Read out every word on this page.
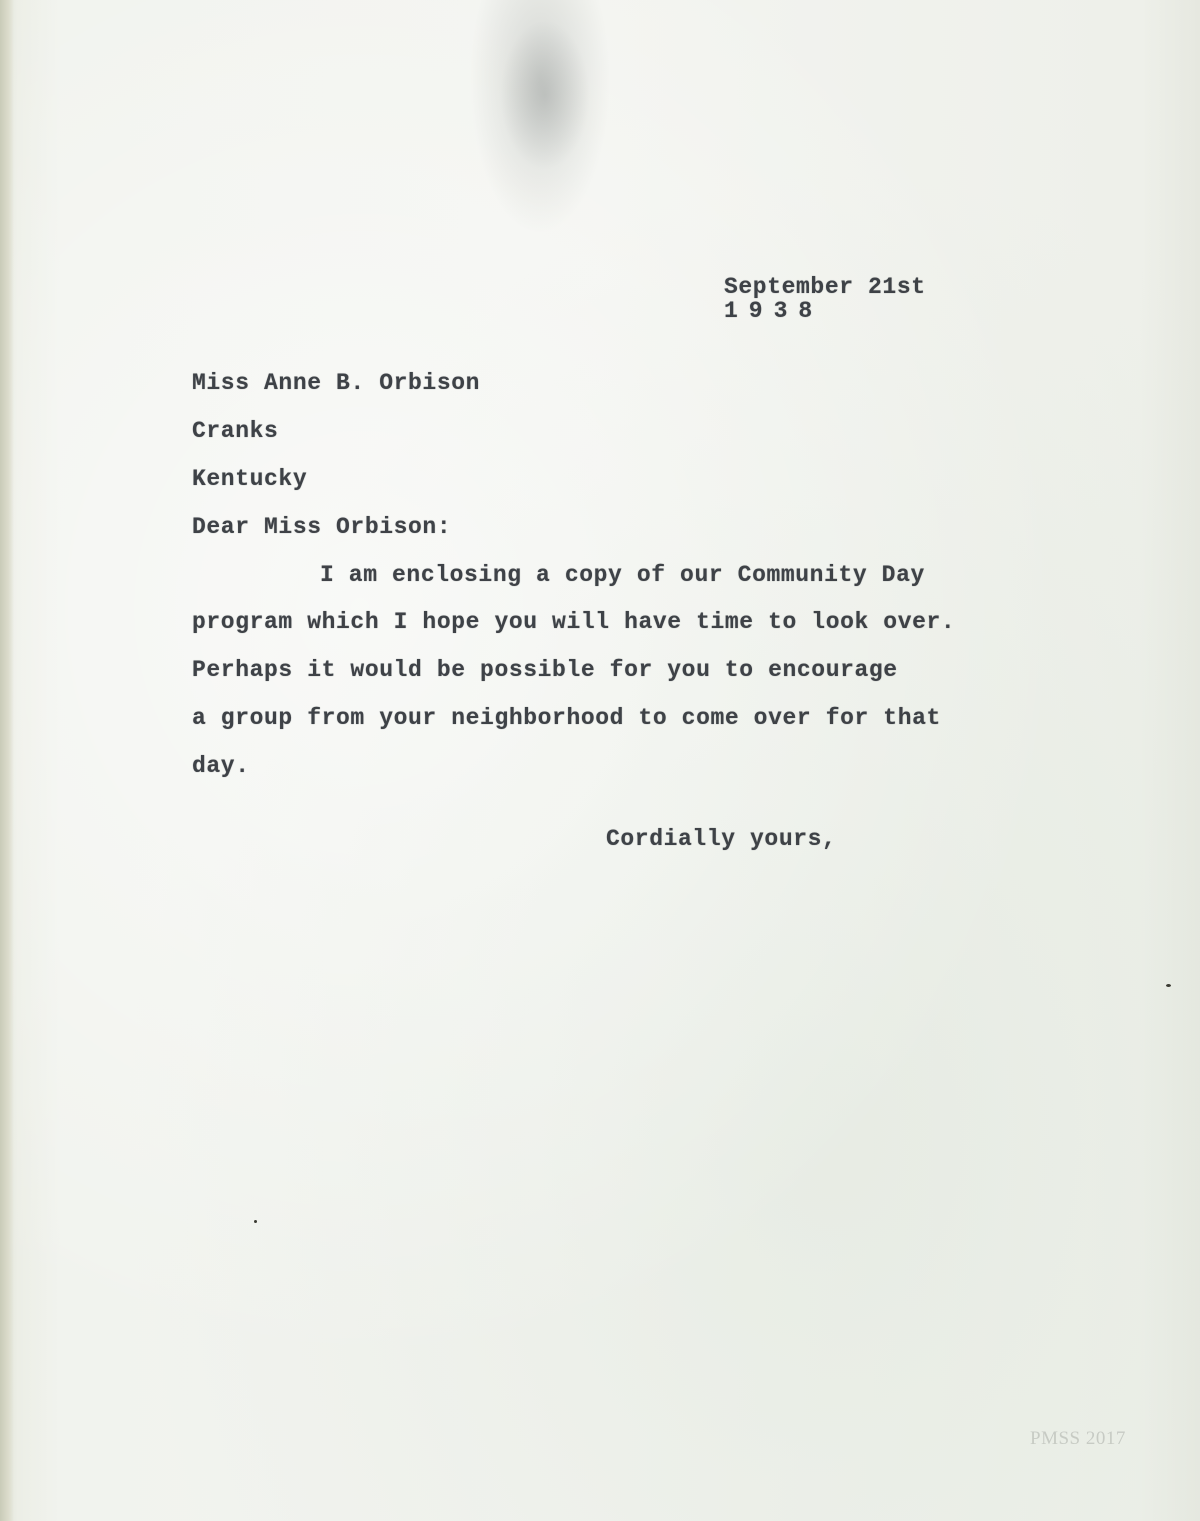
September 21st
1938
Miss Anne B. Orbison
Cranks
Kentucky
Dear Miss Orbison:
I am enclosing a copy of our Community Day
program which I hope you will have time to look over.
Perhaps it would be possible for you to encourage
a group from your neighborhood to come over for that
day.
Cordially yours,
PMSS 2017
